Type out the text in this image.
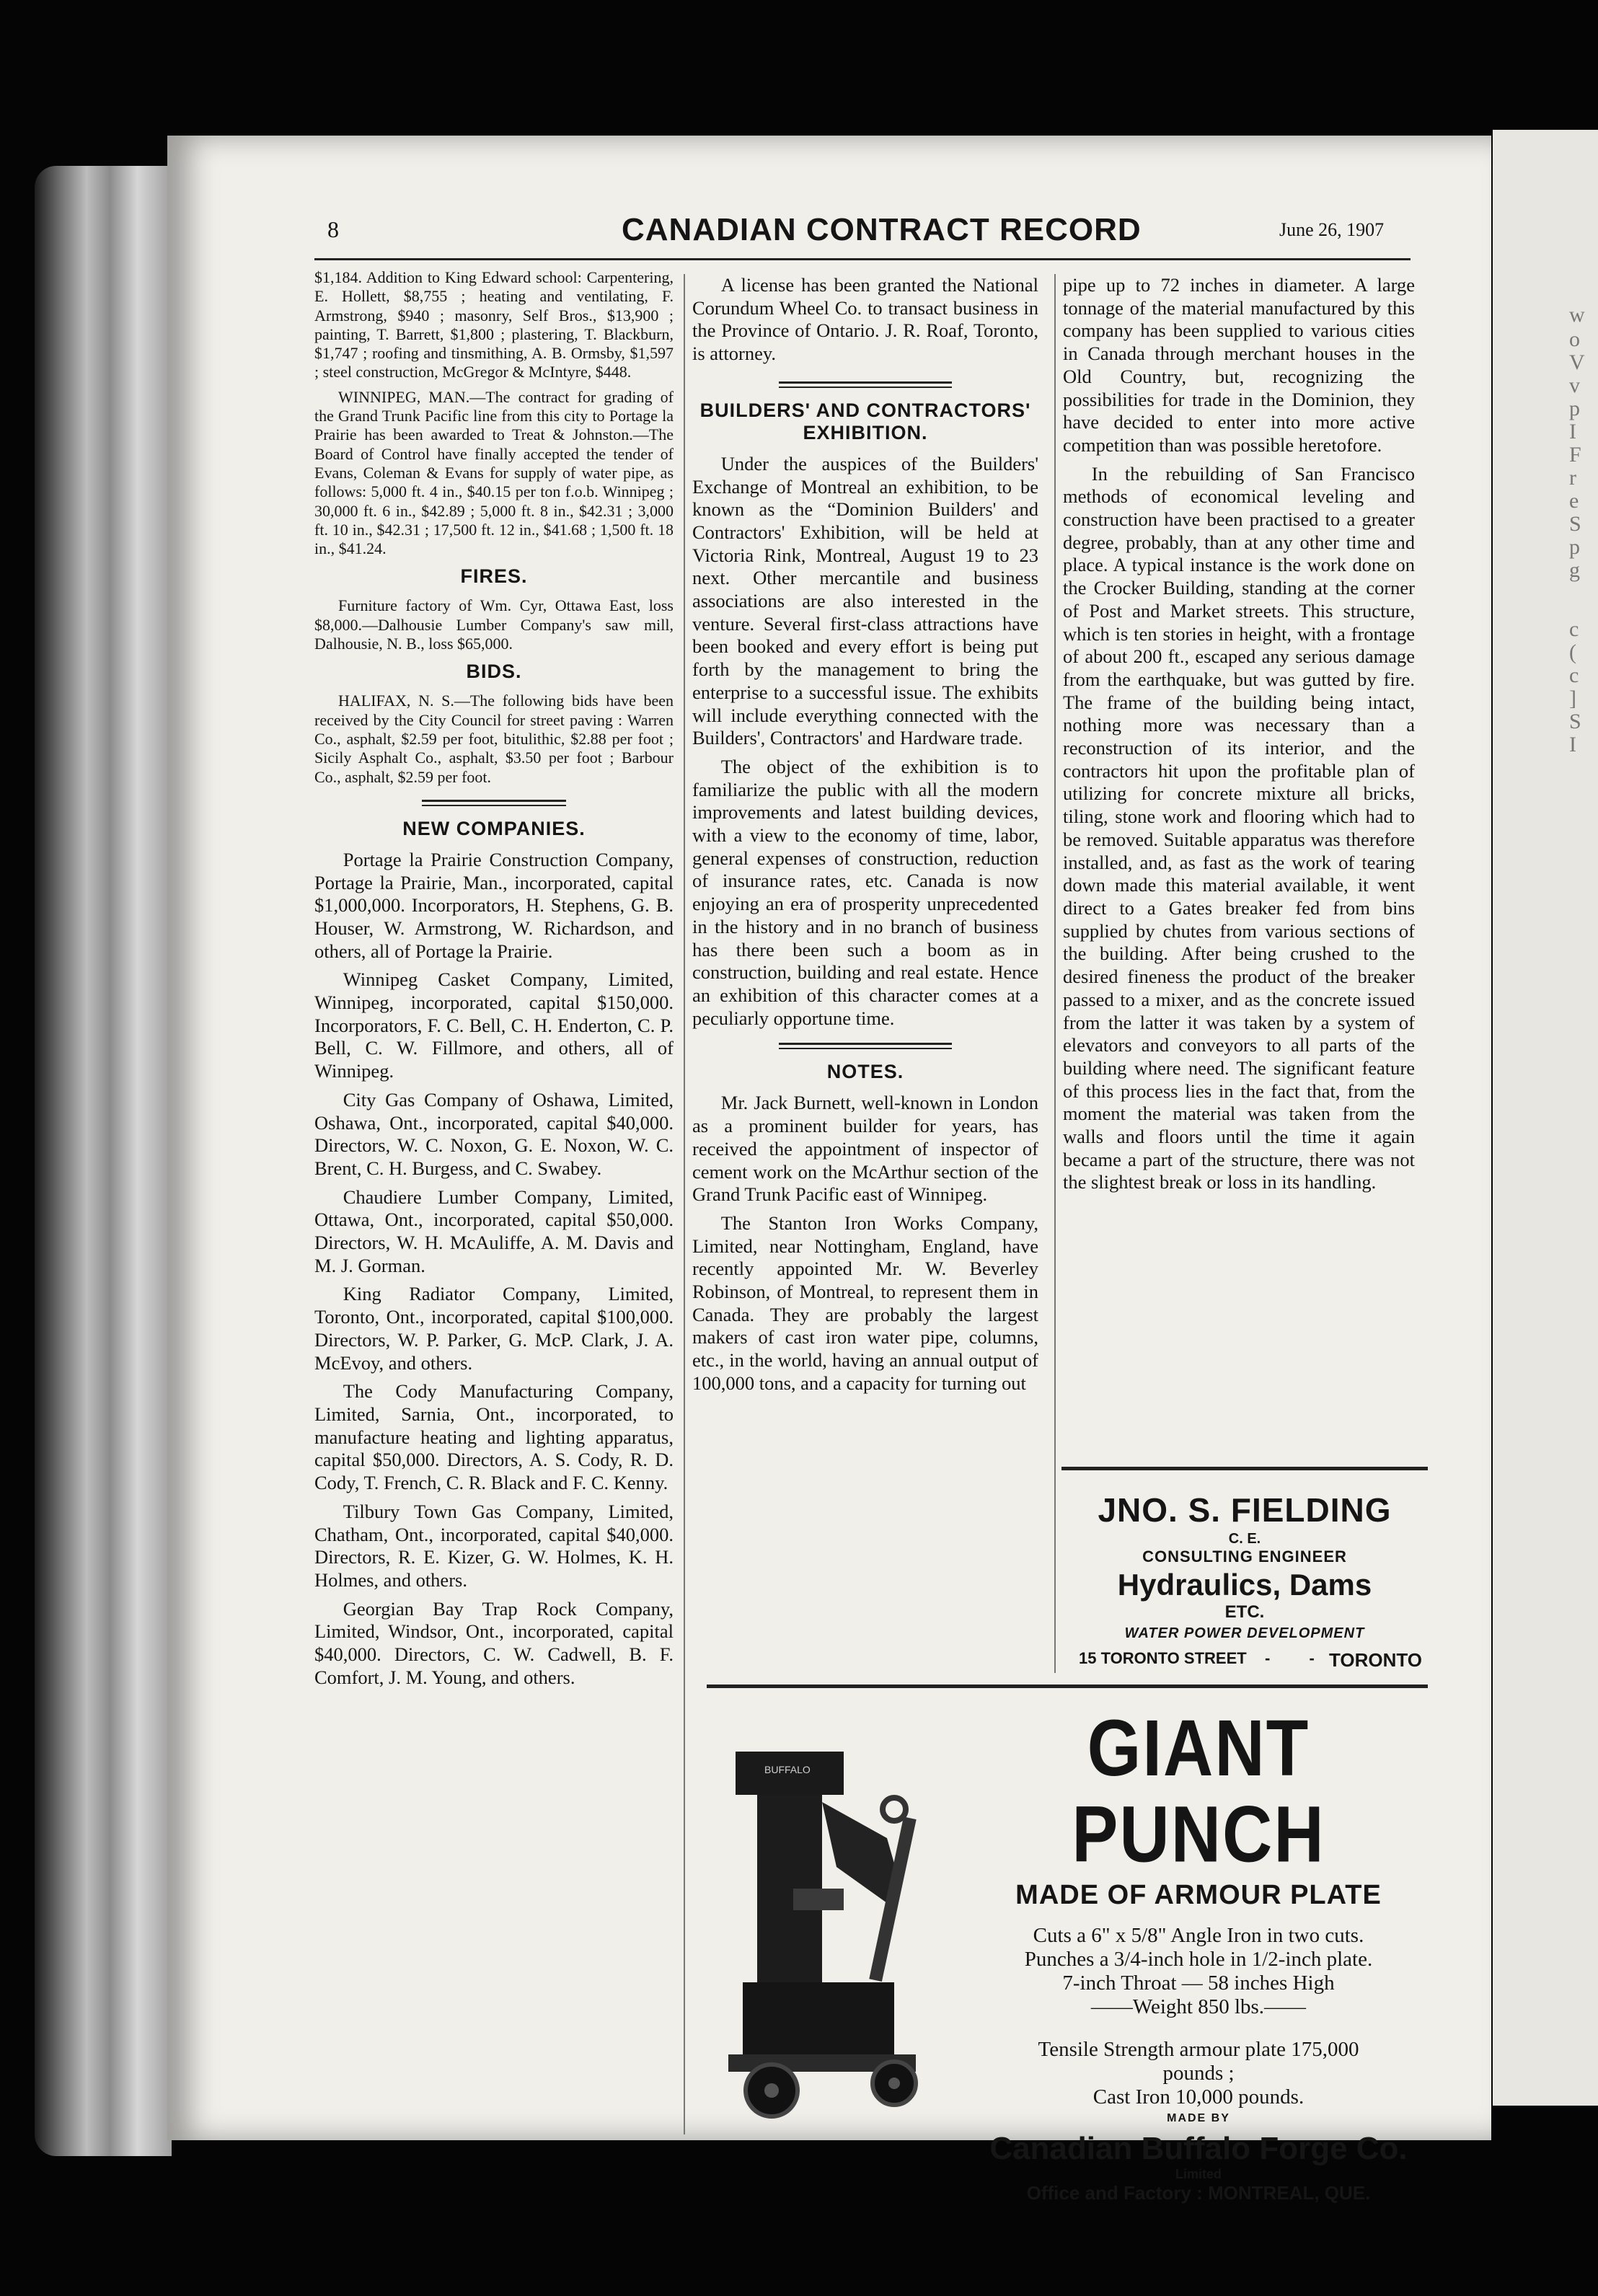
w
o
V
v
p
I
F
r
e
S
p
g
c
(
c
]
S
I
8	CANADIAN CONTRACT RECORD	June 26, 1907

$1,184. Addition to King Edward school: Carpentering, E. Hollett, $8,755 ; heating and ventilating, F. Armstrong, $940 ; masonry, Self Bros., $13,900 ; painting, T. Barrett, $1,800 ; plastering, T. Blackburn, $1,747 ; roofing and tinsmithing, A. B. Ormsby, $1,597 ; steel construction, McGregor & McIntyre, $448.

WINNIPEG, MAN.—The contract for grading of the Grand Trunk Pacific line from this city to Portage la Prairie has been awarded to Treat & Johnston.—The Board of Control have finally accepted the tender of Evans, Coleman & Evans for supply of water pipe, as follows: 5,000 ft. 4 in., $40.15 per ton f.o.b. Winnipeg ; 30,000 ft. 6 in., $42.89 ; 5,000 ft. 8 in., $42.31 ; 3,000 ft. 10 in., $42.31 ; 17,500 ft. 12 in., $41.68 ; 1,500 ft. 18 in., $41.24.

FIRES.

Furniture factory of Wm. Cyr, Ottawa East, loss $8,000.—Dalhousie Lumber Company's saw mill, Dalhousie, N. B., loss $65,000.

BIDS.

HALIFAX, N. S.—The following bids have been received by the City Council for street paving : Warren Co., asphalt, $2.59 per foot, bitulithic, $2.88 per foot ; Sicily Asphalt Co., asphalt, $3.50 per foot ; Barbour Co., asphalt, $2.59 per foot.

NEW COMPANIES.

Portage la Prairie Construction Company, Portage la Prairie, Man., incorporated, capital $1,000,000. Incorporators, H. Stephens, G. B. Houser, W. Armstrong, W. Richardson, and others, all of Portage la Prairie.

Winnipeg Casket Company, Limited, Winnipeg, incorporated, capital $150,000. Incorporators, F. C. Bell, C. H. Enderton, C. P. Bell, C. W. Fillmore, and others, all of Winnipeg.

City Gas Company of Oshawa, Limited, Oshawa, Ont., incorporated, capital $40,000. Directors, W. C. Noxon, G. E. Noxon, W. C. Brent, C. H. Burgess, and C. Swabey.

Chaudiere Lumber Company, Limited, Ottawa, Ont., incorporated, capital $50,000. Directors, W. H. McAuliffe, A. M. Davis and M. J. Gorman.

King Radiator Company, Limited, Toronto, Ont., incorporated, capital $100,000. Directors, W. P. Parker, G. McP. Clark, J. A. McEvoy, and others.

The Cody Manufacturing Company, Limited, Sarnia, Ont., incorporated, to manufacture heating and lighting apparatus, capital $50,000. Directors, A. S. Cody, R. D. Cody, T. French, C. R. Black and F. C. Kenny.

Tilbury Town Gas Company, Limited, Chatham, Ont., incorporated, capital $40,000. Directors, R. E. Kizer, G. W. Holmes, K. H. Holmes, and others.

Georgian Bay Trap Rock Company, Limited, Windsor, Ont., incorporated, capital $40,000. Directors, C. W. Cadwell, B. F. Comfort, J. M. Young, and others.

A license has been granted the National Corundum Wheel Co. to transact business in the Province of Ontario. J. R. Roaf, Toronto, is attorney.

BUILDERS' AND CONTRACTORS' EXHIBITION.

Under the auspices of the Builders' Exchange of Montreal an exhibition, to be known as the “Dominion Builders' and Contractors' Exhibition, will be held at Victoria Rink, Montreal, August 19 to 23 next. Other mercantile and business associations are also interested in the venture. Several first-class attractions have been booked and every effort is being put forth by the management to bring the enterprise to a successful issue. The exhibits will include everything connected with the Builders', Contractors' and Hardware trade.

The object of the exhibition is to familiarize the public with all the modern improvements and latest building devices, with a view to the economy of time, labor, general expenses of construction, reduction of insurance rates, etc. Canada is now enjoying an era of prosperity unprecedented in the history and in no branch of business has there been such a boom as in construction, building and real estate. Hence an exhibition of this character comes at a peculiarly opportune time.

NOTES.

Mr. Jack Burnett, well-known in London as a prominent builder for years, has received the appointment of inspector of cement work on the McArthur section of the Grand Trunk Pacific east of Winnipeg.

The Stanton Iron Works Company, Limited, near Nottingham, England, have recently appointed Mr. W. Beverley Robinson, of Montreal, to represent them in Canada. They are probably the largest makers of cast iron water pipe, columns, etc., in the world, having an annual output of 100,000 tons, and a capacity for turning out

pipe up to 72 inches in diameter. A large tonnage of the material manufactured by this company has been supplied to various cities in Canada through merchant houses in the Old Country, but, recognizing the possibilities for trade in the Dominion, they have decided to enter into more active competition than was possible heretofore.

In the rebuilding of San Francisco methods of economical leveling and construction have been practised to a greater degree, probably, than at any other time and place. A typical instance is the work done on the Crocker Building, standing at the corner of Post and Market streets. This structure, which is ten stories in height, with a frontage of about 200 ft., escaped any serious damage from the earthquake, but was gutted by fire. The frame of the building being intact, nothing more was necessary than a reconstruction of its interior, and the contractors hit upon the profitable plan of utilizing for concrete mixture all bricks, tiling, stone work and flooring which had to be removed. Suitable apparatus was therefore installed, and, as fast as the work of tearing down made this material available, it went direct to a Gates breaker fed from bins supplied by chutes from various sections of the building. After being crushed to the desired fineness the product of the breaker passed to a mixer, and as the concrete issued from the latter it was taken by a system of elevators and conveyors to all parts of the building where need. The significant feature of this process lies in the fact that, from the moment the material was taken from the walls and floors until the time it again became a part of the structure, there was not the slightest break or loss in its handling.

JNO. S. FIELDING
C. E.
CONSULTING ENGINEER
Hydraulics, Dams
ETC.
WATER POWER DEVELOPMENT
15 TORONTO STREET - -
TORONTO
BUFFALO	GIANT PUNCH
MADE OF ARMOUR PLATE
Cuts a 6" x 5/8" Angle Iron in two cuts.
Punches a 3/4-inch hole in 1/2-inch plate.
7-inch Throat — 58 inches High
——Weight 850 lbs.——
Tensile Strength armour plate 175,000
pounds ;
Cast Iron 10,000 pounds.
MADE BY
Canadian Buffalo Forge Co.
Limited
Office and Factory : MONTREAL, QUE.
